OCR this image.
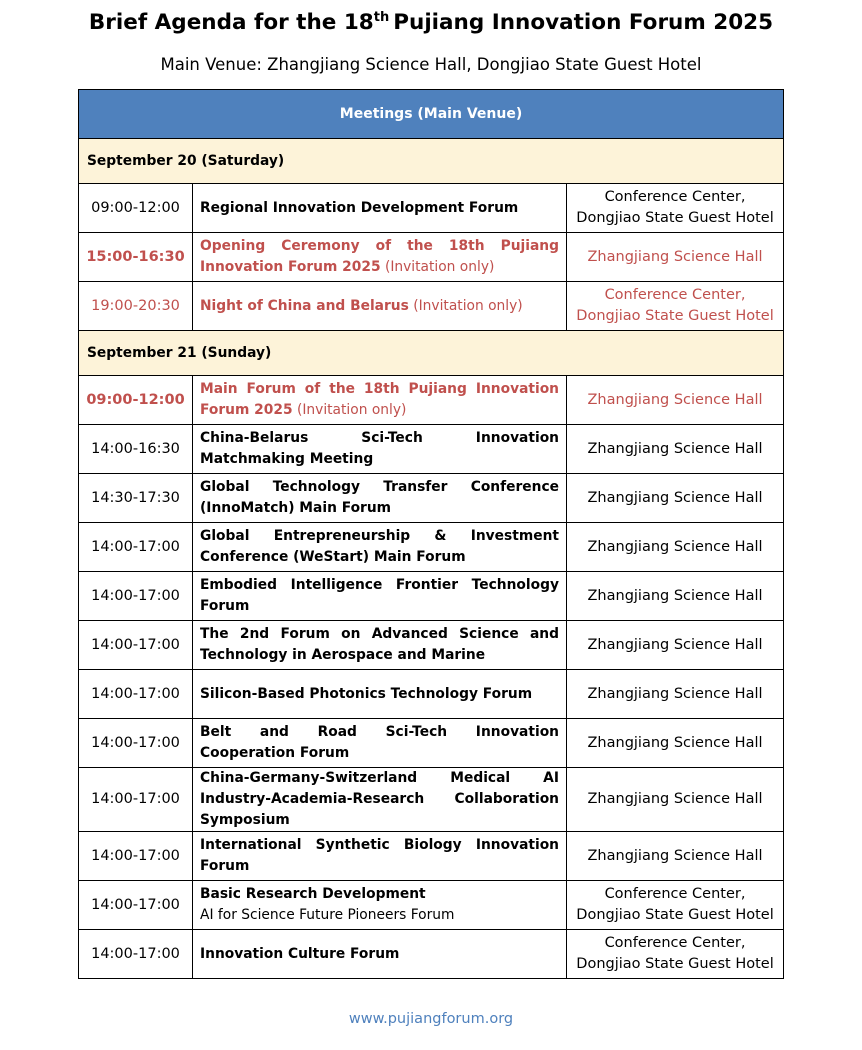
Brief Agenda for the 18th Pujiang Innovation Forum 2025
Main Venue: Zhangjiang Science Hall, Dongjiao State Guest Hotel
Meetings (Main Venue)		
September 20 (Saturday)		
09:00-12:00	Regional Innovation Development Forum	Conference Center,
Dongjiao State Guest Hotel
15:00-16:30	Opening Ceremony of the 18th Pujiang Innovation Forum 2025 (Invitation only)	Zhangjiang Science Hall
19:00-20:30	Night of China and Belarus (Invitation only)	Conference Center,
Dongjiao State Guest Hotel
September 21 (Sunday)		
09:00-12:00	Main Forum of the 18th Pujiang Innovation Forum 2025 (Invitation only)	Zhangjiang Science Hall
14:00-16:30	China-Belarus Sci-Tech Innovation Matchmaking Meeting	Zhangjiang Science Hall
14:30-17:30	Global Technology Transfer Conference (InnoMatch) Main Forum	Zhangjiang Science Hall
14:00-17:00	Global Entrepreneurship & Investment Conference (WeStart) Main Forum	Zhangjiang Science Hall
14:00-17:00	Embodied Intelligence Frontier Technology Forum	Zhangjiang Science Hall
14:00-17:00	The 2nd Forum on Advanced Science and Technology in Aerospace and Marine	Zhangjiang Science Hall
14:00-17:00	Silicon-Based Photonics Technology Forum	Zhangjiang Science Hall
14:00-17:00	Belt and Road Sci-Tech Innovation Cooperation Forum	Zhangjiang Science Hall
14:00-17:00	China-Germany-Switzerland Medical AI Industry-Academia-Research Collaboration Symposium	Zhangjiang Science Hall
14:00-17:00	International Synthetic Biology Innovation Forum	Zhangjiang Science Hall
14:00-17:00	Basic Research Development
AI for Science Future Pioneers Forum	Conference Center,
Dongjiao State Guest Hotel
14:00-17:00	Innovation Culture Forum	Conference Center,
Dongjiao State Guest Hotel
www.pujiangforum.org
